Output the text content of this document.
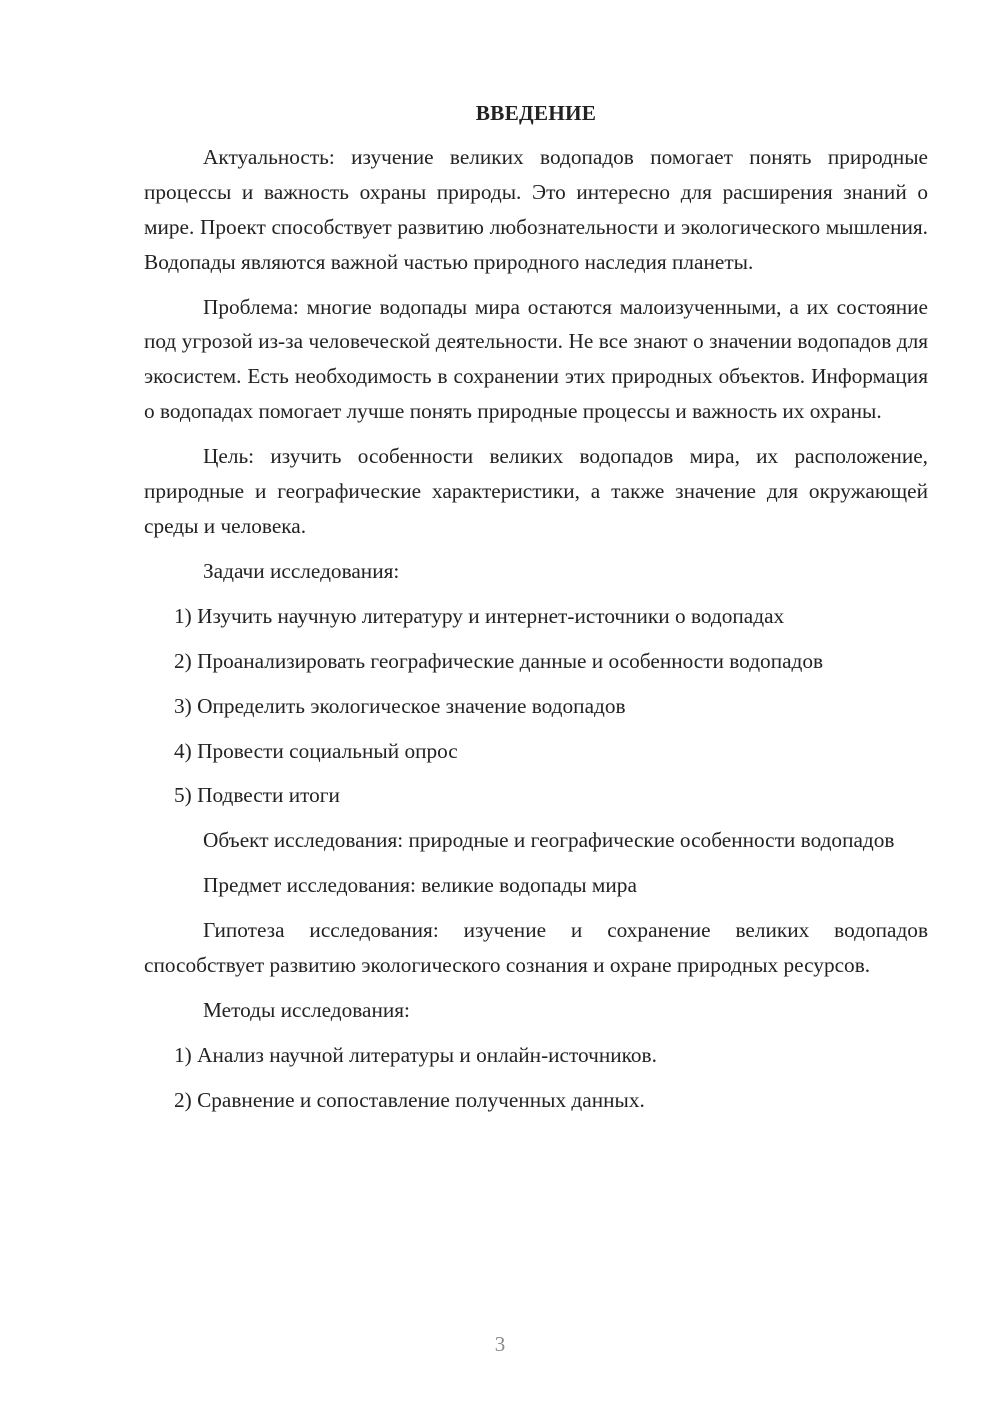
ВВЕДЕНИЕ

Актуальность: изучение великих водопадов помогает понять природные процессы и важность охраны природы. Это интересно для расширения знаний о мире. Проект способствует развитию любознательности и экологического мышления. Водопады являются важной частью природного наследия планеты.

Проблема: многие водопады мира остаются малоизученными, а их состояние под угрозой из-за человеческой деятельности. Не все знают о значении водопадов для экосистем. Есть необходимость в сохранении этих природных объектов. Информация о водопадах помогает лучше понять природные процессы и важность их охраны.

Цель: изучить особенности великих водопадов мира, их расположение, природные и географические характеристики, а также значение для окружающей среды и человека.

Задачи исследования:

1) Изучить научную литературу и интернет-источники о водопадах

2) Проанализировать географические данные и особенности водопадов

3) Определить экологическое значение водопадов

4) Провести социальный опрос

5) Подвести итоги

Объект исследования: природные и географические особенности водопадов

Предмет исследования: великие водопады мира

Гипотеза исследования: изучение и сохранение великих водопадов способствует развитию экологического сознания и охране природных ресурсов.

Методы исследования:

1) Анализ научной литературы и онлайн-источников.

2) Сравнение и сопоставление полученных данных.

3
